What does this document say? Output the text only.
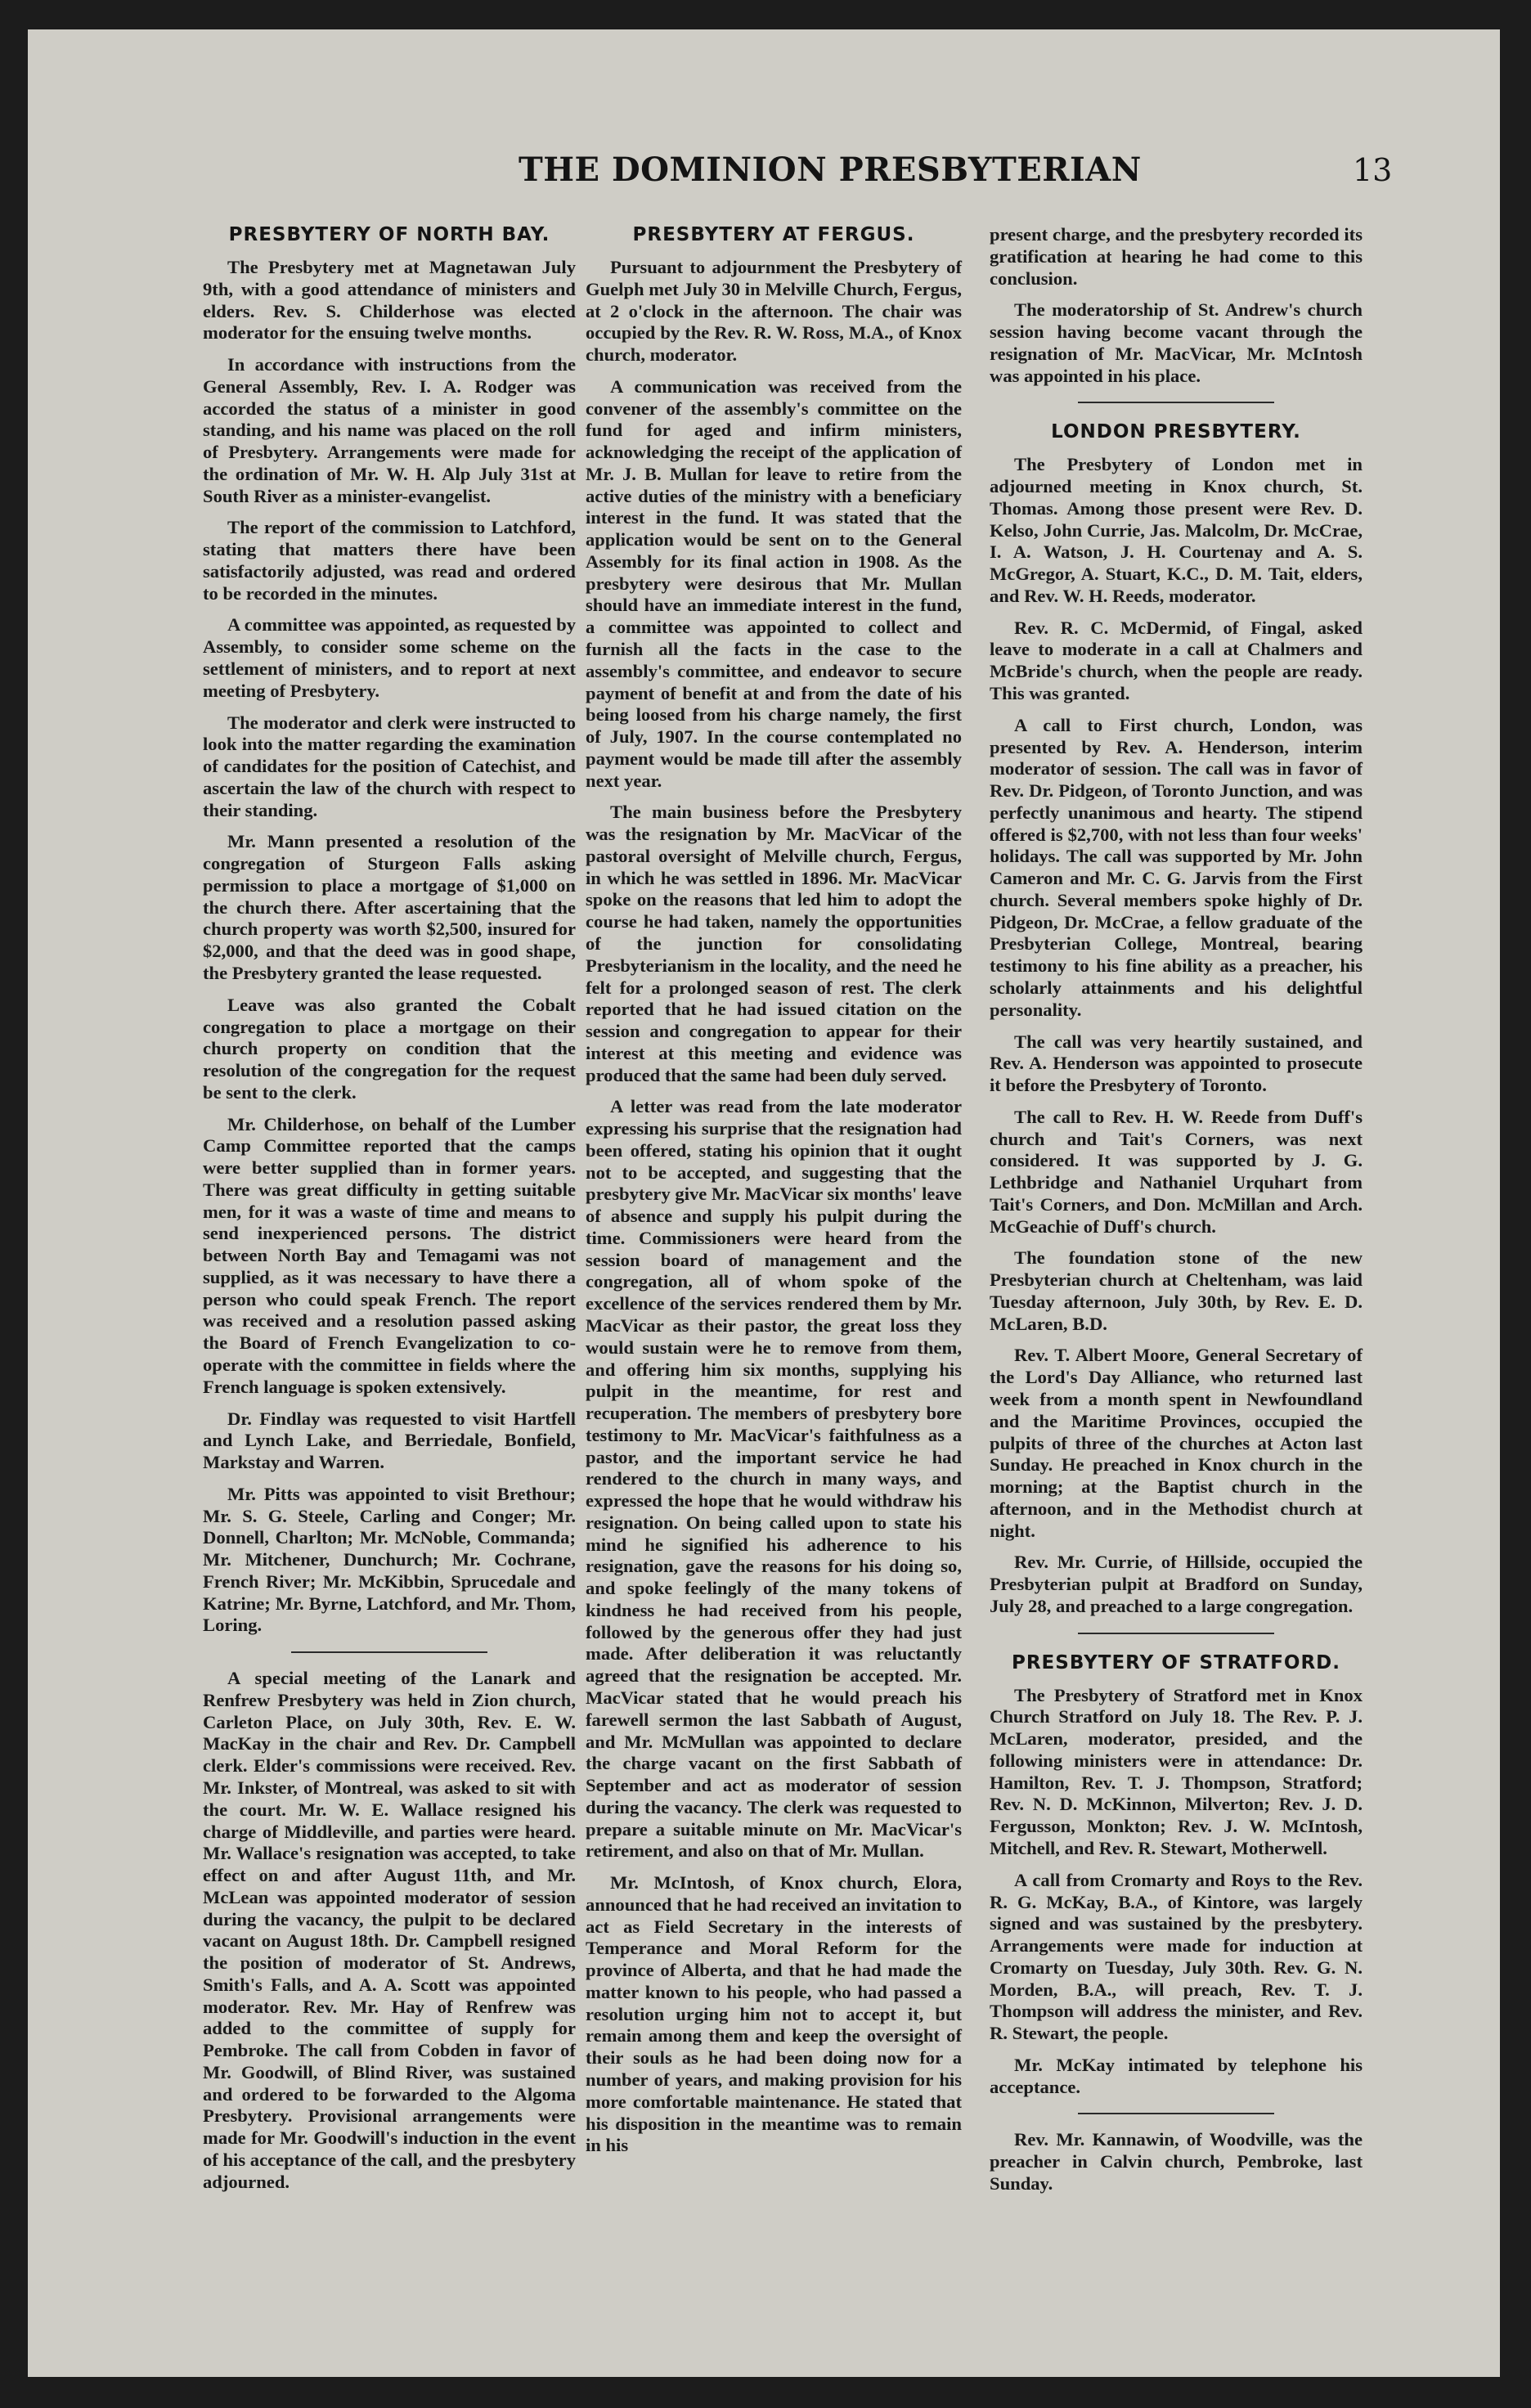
THE DOMINION PRESBYTERIAN	13
PRESBYTERY OF NORTH BAY.

The Presbytery met at Magnetawan July 9th, with a good attendance of ministers and elders. Rev. S. Childerhose was elected moderator for the ensuing twelve months.

In accordance with instructions from the General Assembly, Rev. I. A. Rodger was accorded the status of a minister in good standing, and his name was placed on the roll of Presbytery. Arrangements were made for the ordination of Mr. W. H. Alp July 31st at South River as a minister-evangelist.

The report of the commission to Latchford, stating that matters there have been satisfactorily adjusted, was read and ordered to be recorded in the minutes.

A committee was appointed, as requested by Assembly, to consider some scheme on the settlement of ministers, and to report at next meeting of Presbytery.

The moderator and clerk were instructed to look into the matter regarding the examination of candidates for the position of Catechist, and ascertain the law of the church with respect to their standing.

Mr. Mann presented a resolution of the congregation of Sturgeon Falls asking permission to place a mortgage of $1,000 on the church there. After ascertaining that the church property was worth $2,500, insured for $2,000, and that the deed was in good shape, the Presbytery granted the lease requested.

Leave was also granted the Cobalt congregation to place a mortgage on their church property on condition that the resolution of the congregation for the request be sent to the clerk.

Mr. Childerhose, on behalf of the Lumber Camp Committee reported that the camps were better supplied than in former years. There was great difficulty in getting suitable men, for it was a waste of time and means to send inexperienced persons. The district between North Bay and Temagami was not supplied, as it was necessary to have there a person who could speak French. The report was received and a resolution passed asking the Board of French Evangelization to co-operate with the committee in fields where the French language is spoken extensively.

Dr. Findlay was requested to visit Hartfell and Lynch Lake, and Berriedale, Bonfield, Markstay and Warren.

Mr. Pitts was appointed to visit Brethour; Mr. S. G. Steele, Carling and Conger; Mr. Donnell, Charlton; Mr. McNoble, Commanda; Mr. Mitchener, Dunchurch; Mr. Cochrane, French River; Mr. McKibbin, Sprucedale and Katrine; Mr. Byrne, Latchford, and Mr. Thom, Loring.

A special meeting of the Lanark and Renfrew Presbytery was held in Zion church, Carleton Place, on July 30th, Rev. E. W. MacKay in the chair and Rev. Dr. Campbell clerk. Elder's commissions were received. Rev. Mr. Inkster, of Montreal, was asked to sit with the court. Mr. W. E. Wallace resigned his charge of Middleville, and parties were heard. Mr. Wallace's resignation was accepted, to take effect on and after August 11th, and Mr. McLean was appointed moderator of session during the vacancy, the pulpit to be declared vacant on August 18th. Dr. Campbell resigned the position of moderator of St. Andrews, Smith's Falls, and A. A. Scott was appointed moderator. Rev. Mr. Hay of Renfrew was added to the committee of supply for Pembroke. The call from Cobden in favor of Mr. Goodwill, of Blind River, was sustained and ordered to be forwarded to the Algoma Presbytery. Provisional arrangements were made for Mr. Goodwill's induction in the event of his acceptance of the call, and the presbytery adjourned.

PRESBYTERY AT FERGUS.

Pursuant to adjournment the Presbytery of Guelph met July 30 in Melville Church, Fergus, at 2 o'clock in the afternoon. The chair was occupied by the Rev. R. W. Ross, M.A., of Knox church, moderator.

A communication was received from the convener of the assembly's committee on the fund for aged and infirm ministers, acknowledging the receipt of the application of Mr. J. B. Mullan for leave to retire from the active duties of the ministry with a beneficiary interest in the fund. It was stated that the application would be sent on to the General Assembly for its final action in 1908. As the presbytery were desirous that Mr. Mullan should have an immediate interest in the fund, a committee was appointed to collect and furnish all the facts in the case to the assembly's committee, and endeavor to secure payment of benefit at and from the date of his being loosed from his charge namely, the first of July, 1907. In the course contemplated no payment would be made till after the assembly next year.

The main business before the Presbytery was the resignation by Mr. MacVicar of the pastoral oversight of Melville church, Fergus, in which he was settled in 1896. Mr. MacVicar spoke on the reasons that led him to adopt the course he had taken, namely the opportunities of the junction for consolidating Presbyterianism in the locality, and the need he felt for a prolonged season of rest. The clerk reported that he had issued citation on the session and congregation to appear for their interest at this meeting and evidence was produced that the same had been duly served.

A letter was read from the late moderator expressing his surprise that the resignation had been offered, stating his opinion that it ought not to be accepted, and suggesting that the presbytery give Mr. MacVicar six months' leave of absence and supply his pulpit during the time. Commissioners were heard from the session board of management and the congregation, all of whom spoke of the excellence of the services rendered them by Mr. MacVicar as their pastor, the great loss they would sustain were he to remove from them, and offering him six months, supplying his pulpit in the meantime, for rest and recuperation. The members of presbytery bore testimony to Mr. MacVicar's faithfulness as a pastor, and the important service he had rendered to the church in many ways, and expressed the hope that he would withdraw his resignation. On being called upon to state his mind he signified his adherence to his resignation, gave the reasons for his doing so, and spoke feelingly of the many tokens of kindness he had received from his people, followed by the generous offer they had just made. After deliberation it was reluctantly agreed that the resignation be accepted. Mr. MacVicar stated that he would preach his farewell sermon the last Sabbath of August, and Mr. McMullan was appointed to declare the charge vacant on the first Sabbath of September and act as moderator of session during the vacancy. The clerk was requested to prepare a suitable minute on Mr. MacVicar's retirement, and also on that of Mr. Mullan.

Mr. McIntosh, of Knox church, Elora, announced that he had received an invitation to act as Field Secretary in the interests of Temperance and Moral Reform for the province of Alberta, and that he had made the matter known to his people, who had passed a resolution urging him not to accept it, but remain among them and keep the oversight of their souls as he had been doing now for a number of years, and making provision for his more comfortable maintenance. He stated that his disposition in the meantime was to remain in his

present charge, and the presbytery recorded its gratification at hearing he had come to this conclusion.

The moderatorship of St. Andrew's church session having become vacant through the resignation of Mr. MacVicar, Mr. McIntosh was appointed in his place.

LONDON PRESBYTERY.

The Presbytery of London met in adjourned meeting in Knox church, St. Thomas. Among those present were Rev. D. Kelso, John Currie, Jas. Malcolm, Dr. McCrae, I. A. Watson, J. H. Courtenay and A. S. McGregor, A. Stuart, K.C., D. M. Tait, elders, and Rev. W. H. Reeds, moderator.

Rev. R. C. McDermid, of Fingal, asked leave to moderate in a call at Chalmers and McBride's church, when the people are ready. This was granted.

A call to First church, London, was presented by Rev. A. Henderson, interim moderator of session. The call was in favor of Rev. Dr. Pidgeon, of Toronto Junction, and was perfectly unanimous and hearty. The stipend offered is $2,700, with not less than four weeks' holidays. The call was supported by Mr. John Cameron and Mr. C. G. Jarvis from the First church. Several members spoke highly of Dr. Pidgeon, Dr. McCrae, a fellow graduate of the Presbyterian College, Montreal, bearing testimony to his fine ability as a preacher, his scholarly attainments and his delightful personality.

The call was very heartily sustained, and Rev. A. Henderson was appointed to prosecute it before the Presbytery of Toronto.

The call to Rev. H. W. Reede from Duff's church and Tait's Corners, was next considered. It was supported by J. G. Lethbridge and Nathaniel Urquhart from Tait's Corners, and Don. McMillan and Arch. McGeachie of Duff's church.

The foundation stone of the new Presbyterian church at Cheltenham, was laid Tuesday afternoon, July 30th, by Rev. E. D. McLaren, B.D.

Rev. T. Albert Moore, General Secretary of the Lord's Day Alliance, who returned last week from a month spent in Newfoundland and the Maritime Provinces, occupied the pulpits of three of the churches at Acton last Sunday. He preached in Knox church in the morning; at the Baptist church in the afternoon, and in the Methodist church at night.

Rev. Mr. Currie, of Hillside, occupied the Presbyterian pulpit at Bradford on Sunday, July 28, and preached to a large congregation.

PRESBYTERY OF STRATFORD.

The Presbytery of Stratford met in Knox Church Stratford on July 18. The Rev. P. J. McLaren, moderator, presided, and the following ministers were in attendance: Dr. Hamilton, Rev. T. J. Thompson, Stratford; Rev. N. D. McKinnon, Milverton; Rev. J. D. Fergusson, Monkton; Rev. J. W. McIntosh, Mitchell, and Rev. R. Stewart, Motherwell.

A call from Cromarty and Roys to the Rev. R. G. McKay, B.A., of Kintore, was largely signed and was sustained by the presbytery. Arrangements were made for induction at Cromarty on Tuesday, July 30th. Rev. G. N. Morden, B.A., will preach, Rev. T. J. Thompson will address the minister, and Rev. R. Stewart, the people.

Mr. McKay intimated by telephone his acceptance.

Rev. Mr. Kannawin, of Woodville, was the preacher in Calvin church, Pembroke, last Sunday.
